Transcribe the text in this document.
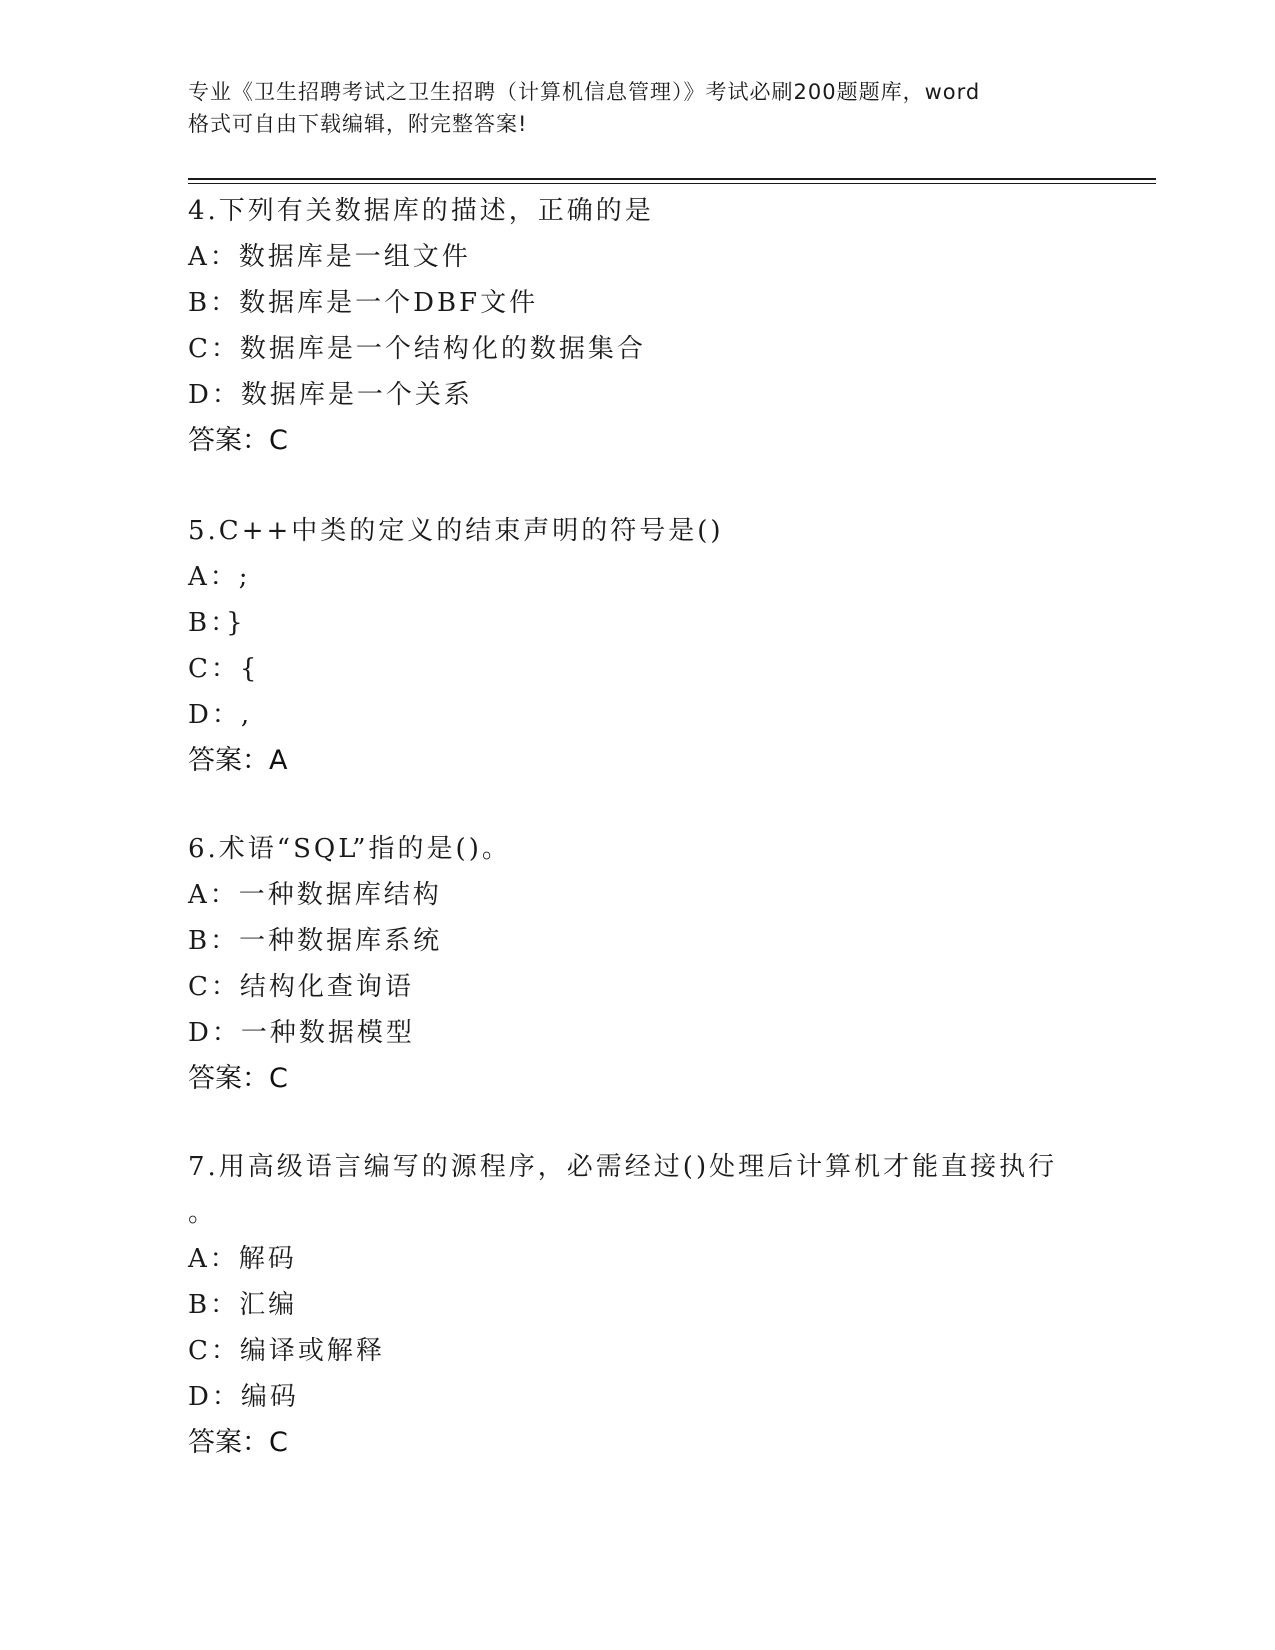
专业《卫生招聘考试之卫生招聘（计算机信息管理）》考试必刷200题题库，word
格式可自由下载编辑，附完整答案!
4.下列有关数据库的描述，正确的是
A：数据库是一组文件
B：数据库是一个DBF文件
C：数据库是一个结构化的数据集合
D：数据库是一个关系
答案：C
5.C++中类的定义的结束声明的符号是()
A：;
B：}
C：{
D：,
答案：A
6.术语“SQL”指的是()。
A：一种数据库结构
B：一种数据库系统
C：结构化查询语
D：一种数据模型
答案：C
7.用高级语言编写的源程序，必需经过()处理后计算机才能直接执行
。
A：解码
B：汇编
C：编译或解释
D：编码
答案：C
